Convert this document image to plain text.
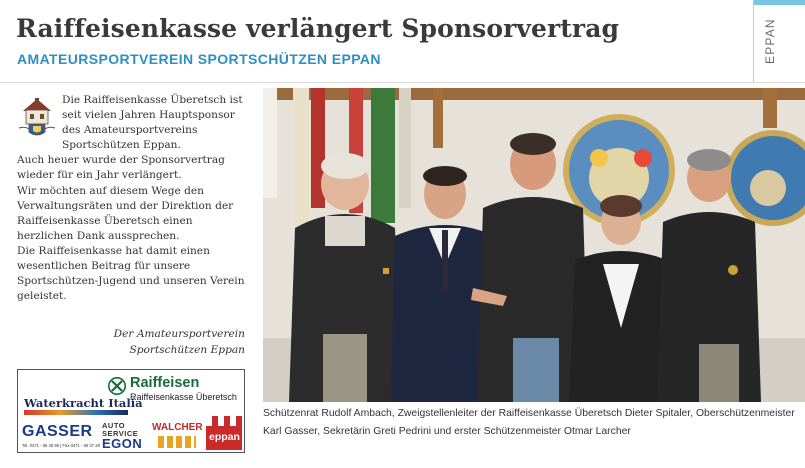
Raiffeisenkasse verlängert Sponsorvertrag
AMATEURSPORTVEREIN SPORTSCHÜTZEN EPPAN	EPPAN

Die Raiffeisenkasse Überetsch ist seit vielen Jahren Hauptsponsor des Amateursportvereins Sportschützen Eppan.

Auch heuer wurde der Sponsorvertrag wieder für ein Jahr verlängert.

Wir möchten auf diesem Wege den Verwaltungsräten und der Direktion der Raiffeisenkasse Überetsch einen herzlichen Dank aussprechen.

Die Raiffeisenkasse hat damit einen wesentlichen Beitrag für unsere Sportschützen-Jugend und unseren Verein geleistet.

Der Amateursportverein
Sportschützen Eppan
Raiffeisen
Raiffeisenkasse Überetsch
Waterkracht Italia
GASSER
Tel. 0471 - 66 49 95 | Fax 0471 - 66 37 28
AUTO
SERVICE
EGON
WALCHER
eppan
Schützenrat Rudolf Ambach, Zweigstellenleiter der Raiffeisenkasse Überetsch Dieter Spitaler, Oberschützenmeister Karl Gasser, Sekretärin Greti Pedrini und erster Schützenmeister Otmar Larcher
